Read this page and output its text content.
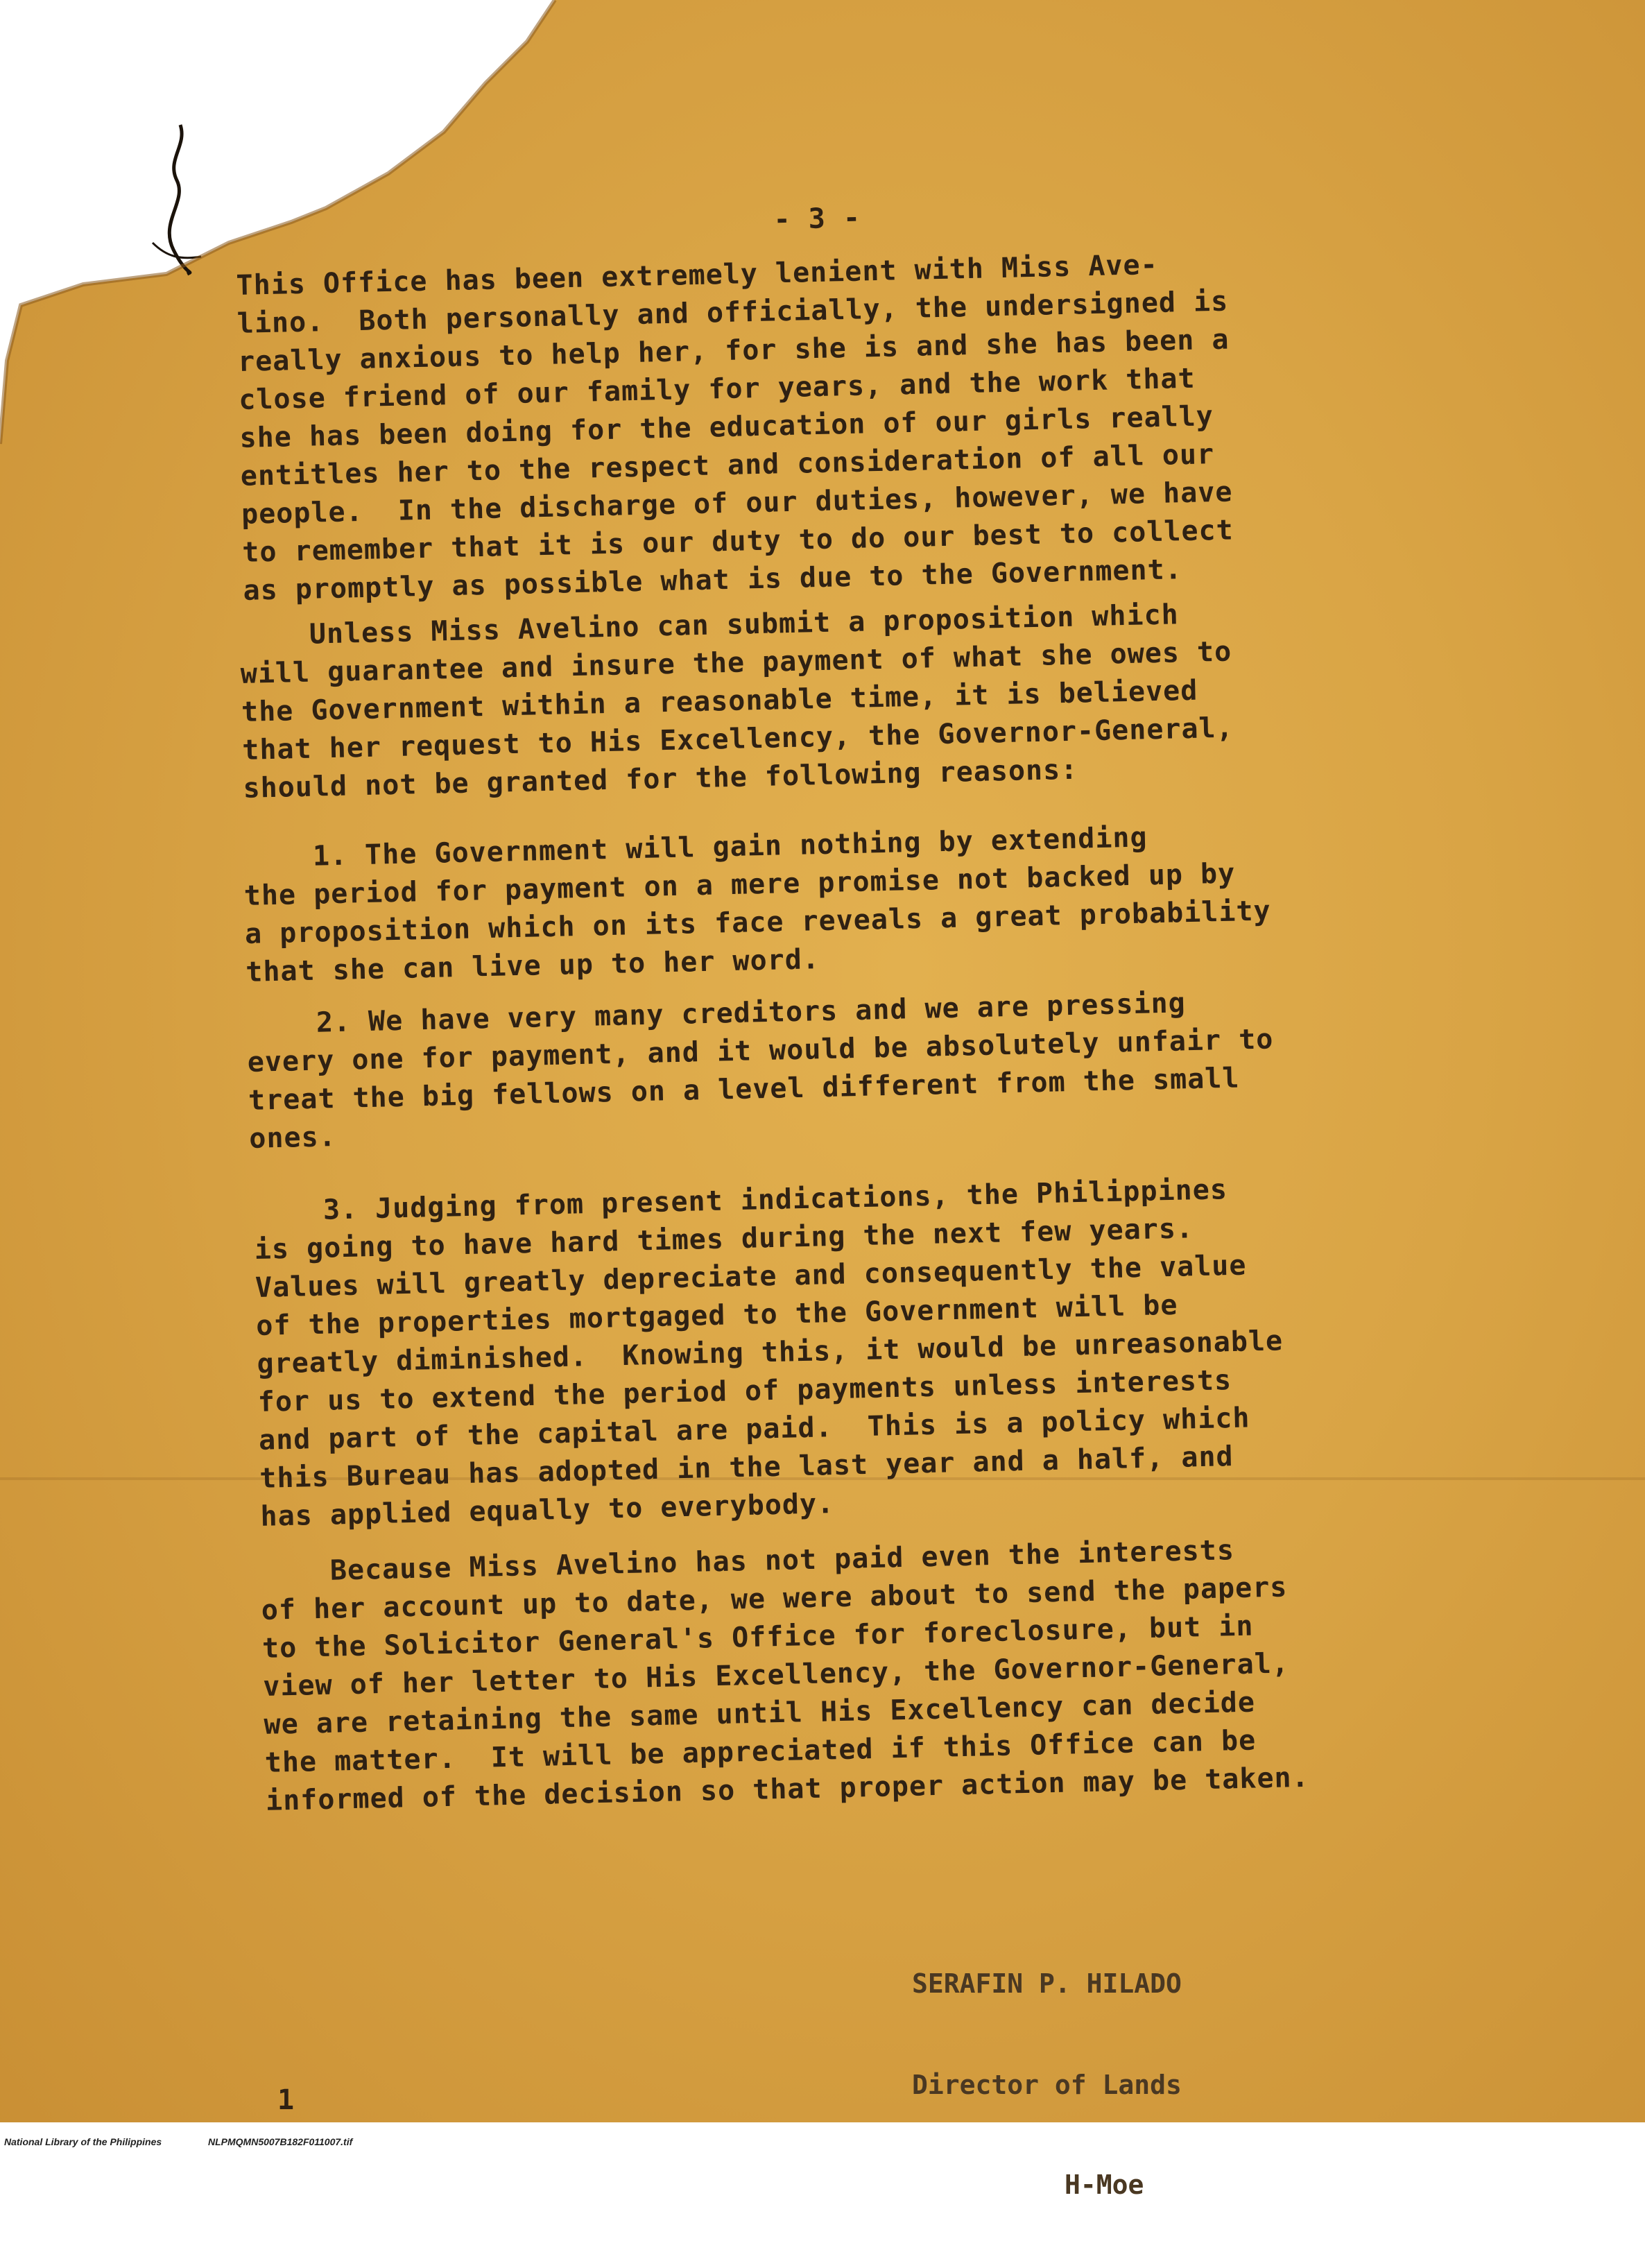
- 3 -
This Office has been extremely lenient with Miss Ave-
lino.  Both personally and officially, the undersigned is
really anxious to help her, for she is and she has been a
close friend of our family for years, and the work that
she has been doing for the education of our girls really
entitles her to the respect and consideration of all our
people.  In the discharge of our duties, however, we have
to remember that it is our duty to do our best to collect
as promptly as possible what is due to the Government.
Unless Miss Avelino can submit a proposition which
will guarantee and insure the payment of what she owes to
the Government within a reasonable time, it is believed
that her request to His Excellency, the Governor-General,
should not be granted for the following reasons:
1. The Government will gain nothing by extending
the period for payment on a mere promise not backed up by
a proposition which on its face reveals a great probability
that she can live up to her word.
2. We have very many creditors and we are pressing
every one for payment, and it would be absolutely unfair to
treat the big fellows on a level different from the small
ones.
3. Judging from present indications, the Philippines
is going to have hard times during the next few years.
Values will greatly depreciate and consequently the value
of the properties mortgaged to the Government will be
greatly diminished.  Knowing this, it would be unreasonable
for us to extend the period of payments unless interests
and part of the capital are paid.  This is a policy which
this Bureau has adopted in the last year and a half, and
has applied equally to everybody.
Because Miss Avelino has not paid even the interests
of her account up to date, we were about to send the papers
to the Solicitor General's Office for foreclosure, but in
view of her letter to His Excellency, the Governor-General,
we are retaining the same until His Excellency can decide
the matter.  It will be appreciated if this Office can be
informed of the decision so that proper action may be taken.

SERAFIN P. HILADO

Director of Lands

H-Moe

1
National Library of the Philippines	NLPMQMN5007B182F011007.tif
